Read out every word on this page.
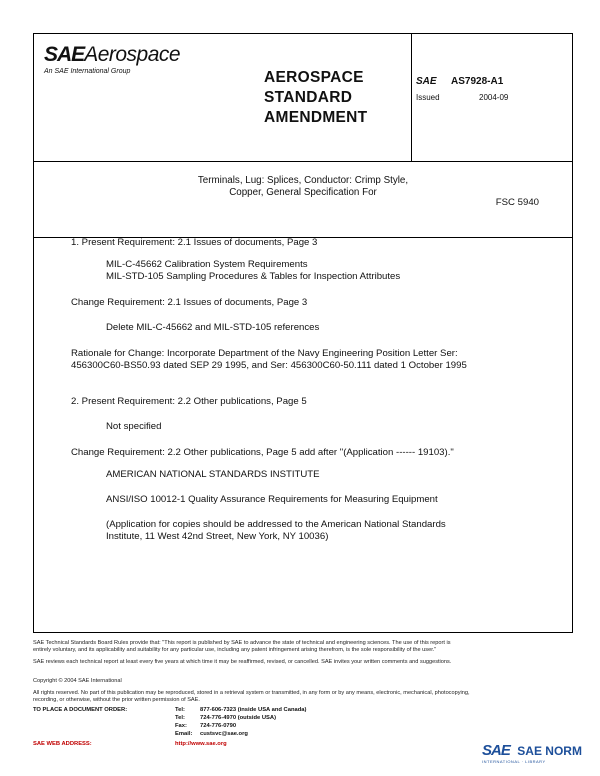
SAEAerospace
An SAE International Group	AEROSPACE
STANDARD
AMENDMENT
SAE AS7928-A1
Issued	2004-09
Terminals, Lug: Splices, Conductor: Crimp Style,
Copper, General Specification For
FSC 5940
1. Present Requirement: 2.1 Issues of documents, Page 3
MIL-C-45662 Calibration System Requirements
MIL-STD-105 Sampling Procedures & Tables for Inspection Attributes
Change Requirement: 2.1 Issues of documents, Page 3
Delete MIL-C-45662 and MIL-STD-105 references
Rationale for Change: Incorporate Department of the Navy Engineering Position Letter Ser:
456300C60-BS50.93 dated SEP 29 1995, and Ser: 456300C60-50.111 dated 1 October 1995
2. Present Requirement: 2.2 Other publications, Page 5
Not specified
Change Requirement: 2.2 Other publications, Page 5 add after "(Application ------ 19103)."
AMERICAN NATIONAL STANDARDS INSTITUTE
ANSI/ISO 10012-1 Quality Assurance Requirements for Measuring Equipment
(Application for copies should be addressed to the American National Standards
Institute, 11 West 42nd Street, New York, NY 10036)
SAE Technical Standards Board Rules provide that: "This report is published by SAE to advance the state of technical and engineering sciences. The use of this report is
entirely voluntary, and its applicability and suitability for any particular use, including any patent infringement arising therefrom, is the sole responsibility of the user."
SAE reviews each technical report at least every five years at which time it may be reaffirmed, revised, or cancelled. SAE invites your written comments and suggestions.
Copyright © 2004 SAE International
All rights reserved. No part of this publication may be reproduced, stored in a retrieval system or transmitted, in any form or by any means, electronic, mechanical, photocopying,
recording, or otherwise, without the prior written permission of SAE.
TO PLACE A DOCUMENT ORDER:	Tel:	877-606-7323 (inside USA and Canada)
Tel:	724-776-4970 (outside USA)
Fax: 724-776-0790
Email: custsvc@sae.org
SAE WEB ADDRESS:	http://www.sae.org	SAE SAE NORM
INTERNATIONAL · LIBRARY
